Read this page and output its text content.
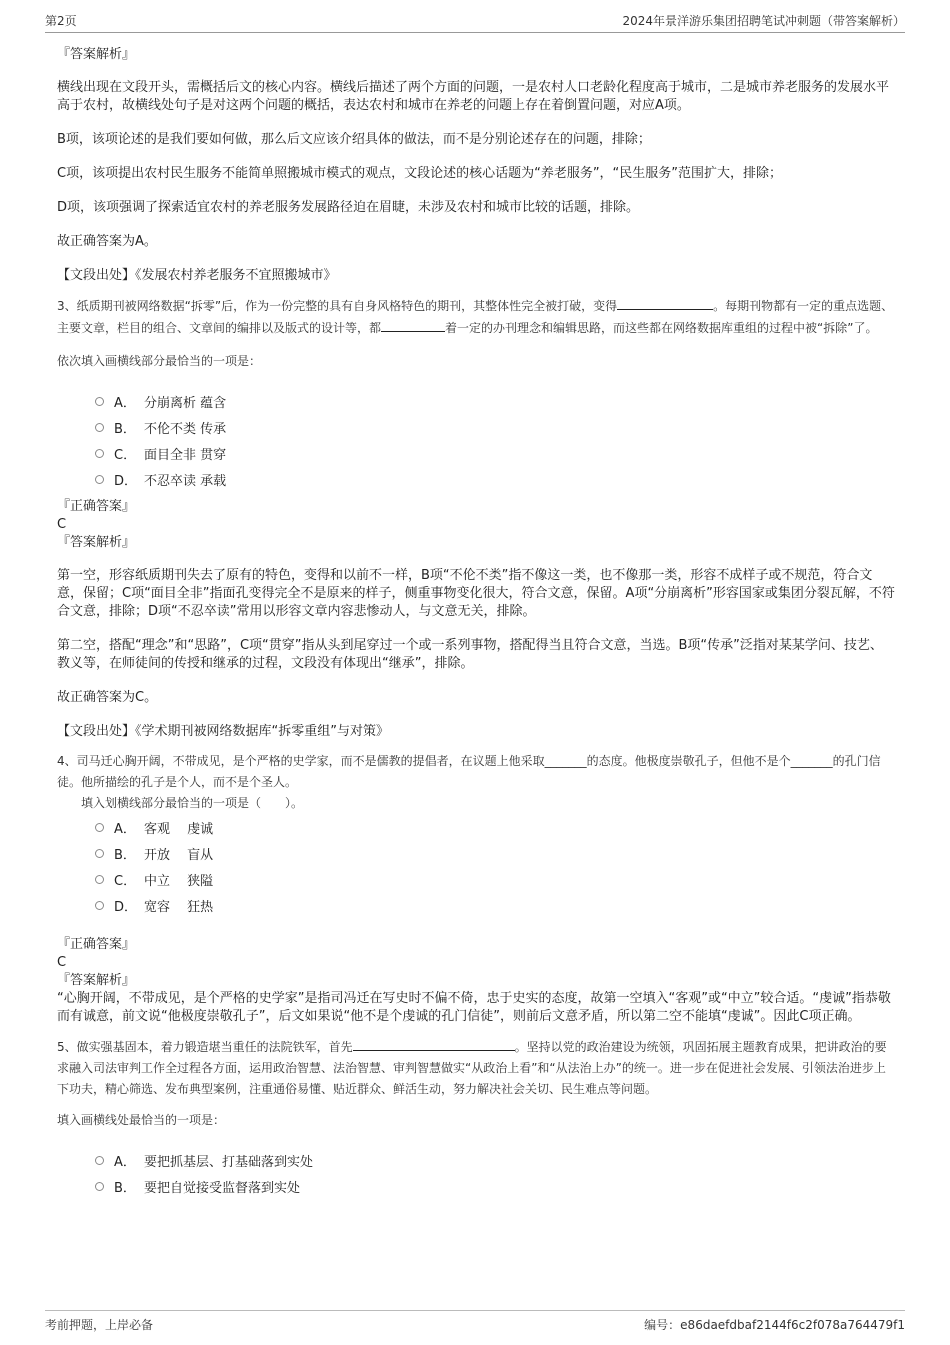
第2页	2024年景洋游乐集团招聘笔试冲刺题（带答案解析）
『答案解析』

横线出现在文段开头，需概括后文的核心内容。横线后描述了两个方面的问题，一是农村人口老龄化程度高于城市，二是城市养老服务的发展水平高于农村，故横线处句子是对这两个问题的概括，表达农村和城市在养老的问题上存在着倒置问题，对应A项。

B项，该项论述的是我们要如何做，那么后文应该介绍具体的做法，而不是分别论述存在的问题，排除；

C项，该项提出农村民生服务不能简单照搬城市模式的观点，文段论述的核心话题为“养老服务”，“民生服务”范围扩大，排除；

D项，该项强调了探索适宜农村的养老服务发展路径迫在眉睫，未涉及农村和城市比较的话题，排除。

故正确答案为A。

【文段出处】《发展农村养老服务不宜照搬城市》

3、纸质期刊被网络数据“拆零”后，作为一份完整的具有自身风格特色的期刊，其整体性完全被打破，变得	。每期刊物都有一定的重点选题、主要文章，栏目的组合、文章间的编排以及版式的设计等，都	着一定的办刊理念和编辑思路，而这些都在网络数据库重组的过程中被“拆除”了。

依次填入画横线部分最恰当的一项是：

A． 分崩离析 蕴含
B． 不伦不类 传承
C． 面目全非 贯穿
D． 不忍卒读 承载
『正确答案』
C
『答案解析』

第一空，形容纸质期刊失去了原有的特色，变得和以前不一样，B项“不伦不类”指不像这一类，也不像那一类，形容不成样子或不规范，符合文意，保留；C项“面目全非”指面孔变得完全不是原来的样子，侧重事物变化很大，符合文意，保留。A项“分崩离析”形容国家或集团分裂瓦解，不符合文意，排除；D项“不忍卒读”常用以形容文章内容悲惨动人，与文意无关，排除。

第二空，搭配“理念”和“思路”，C项“贯穿”指从头到尾穿过一个或一系列事物，搭配得当且符合文意，当选。B项“传承”泛指对某某学问、技艺、教义等，在师徒间的传授和继承的过程，文段没有体现出“继承”，排除。

故正确答案为C。

【文段出处】《学术期刊被网络数据库“拆零重组”与对策》

4、司马迁心胸开阔，不带成见，是个严格的史学家，而不是儒教的提倡者，在议题上他采取_______的态度。他极度崇敬孔子，但他不是个_______的孔门信徒。他所描绘的孔子是个人，而不是个圣人。

填入划横线部分最恰当的一项是（　　）。

A． 客观　 虔诚
B． 开放　 盲从
C． 中立　 狭隘
D． 宽容　 狂热
『正确答案』
C
『答案解析』

“心胸开阔，不带成见，是个严格的史学家”是指司冯迁在写史时不偏不倚，忠于史实的态度，故第一空填入“客观”或“中立”较合适。“虔诚”指恭敬而有诚意，前文说“他极度崇敬孔子”，后文如果说“他不是个虔诚的孔门信徒”，则前后文意矛盾，所以第二空不能填“虔诚”。因此C项正确。

5、做实强基固本，着力锻造堪当重任的法院铁军，首先	。坚持以党的政治建设为统领，巩固拓展主题教育成果，把讲政治的要求融入司法审判工作全过程各方面，运用政治智慧、法治智慧、审判智慧做实“从政治上看”和“从法治上办”的统一。进一步在促进社会发展、引领法治进步上下功夫，精心筛选、发布典型案例，注重通俗易懂、贴近群众、鲜活生动，努力解决社会关切、民生难点等问题。

填入画横线处最恰当的一项是：

A． 要把抓基层、打基础落到实处
B． 要把自觉接受监督落到实处
考前押题，上岸必备	编号：e86daefdbaf2144f6c2f078a764479f1
